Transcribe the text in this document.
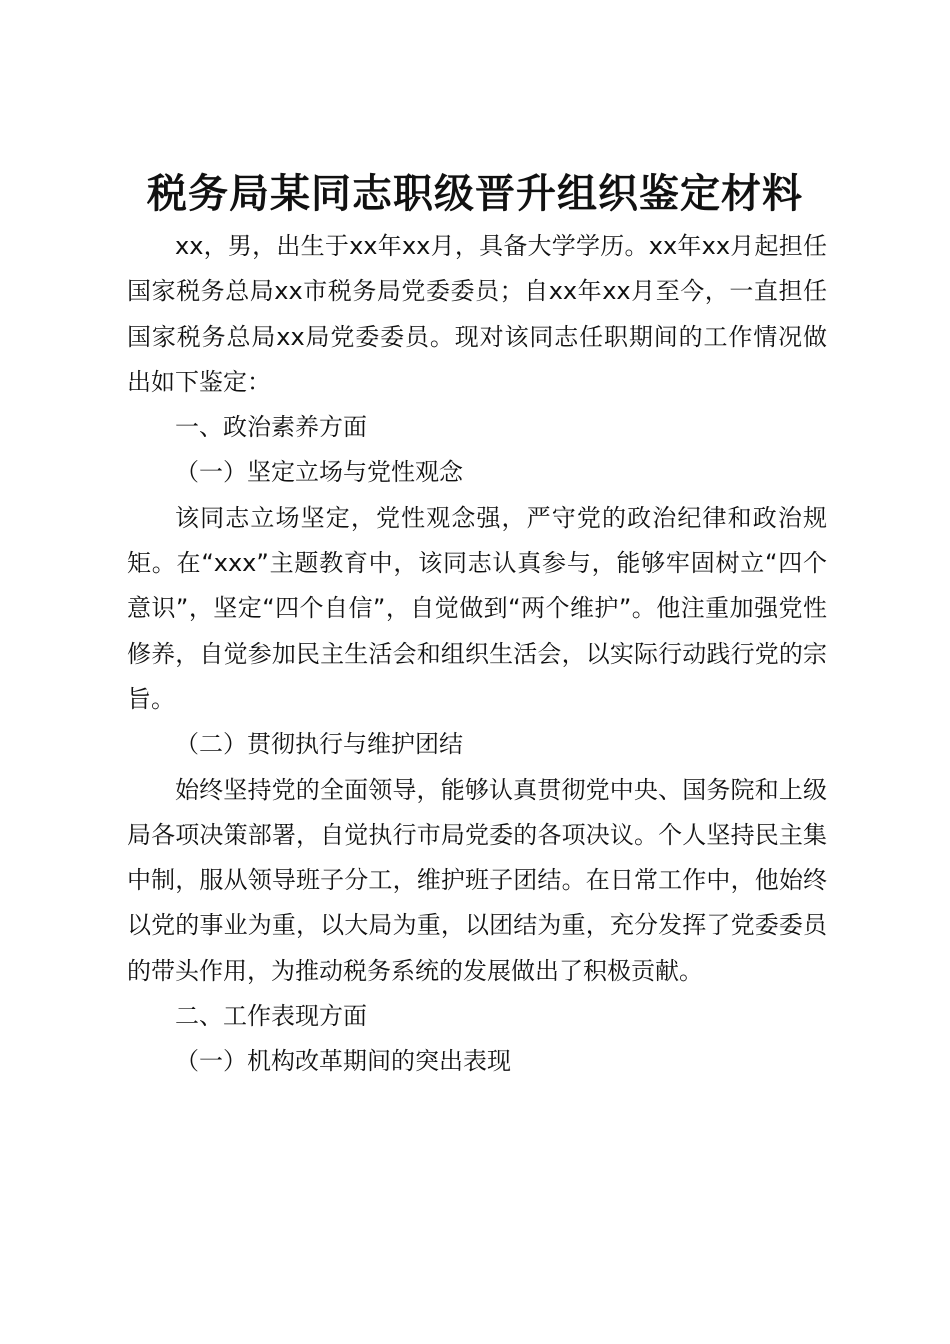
税务局某同志职级晋升组织鉴定材料

xx，男，出生于xx年xx月，具备大学学历。xx年xx月起担任国家税务总局xx市税务局党委委员；自xx年xx月至今，一直担任国家税务总局xx局党委委员。现对该同志任职期间的工作情况做出如下鉴定：

一、政治素养方面

（一）坚定立场与党性观念

该同志立场坚定，党性观念强，严守党的政治纪律和政治规矩。在“xxx”主题教育中，该同志认真参与，能够牢固树立“四个意识”，坚定“四个自信”，自觉做到“两个维护”。他注重加强党性修养，自觉参加民主生活会和组织生活会，以实际行动践行党的宗旨。

（二）贯彻执行与维护团结

始终坚持党的全面领导，能够认真贯彻党中央、国务院和上级局各项决策部署，自觉执行市局党委的各项决议。个人坚持民主集中制，服从领导班子分工，维护班子团结。在日常工作中，他始终以党的事业为重，以大局为重，以团结为重，充分发挥了党委委员的带头作用，为推动税务系统的发展做出了积极贡献。

二、工作表现方面

（一）机构改革期间的突出表现
